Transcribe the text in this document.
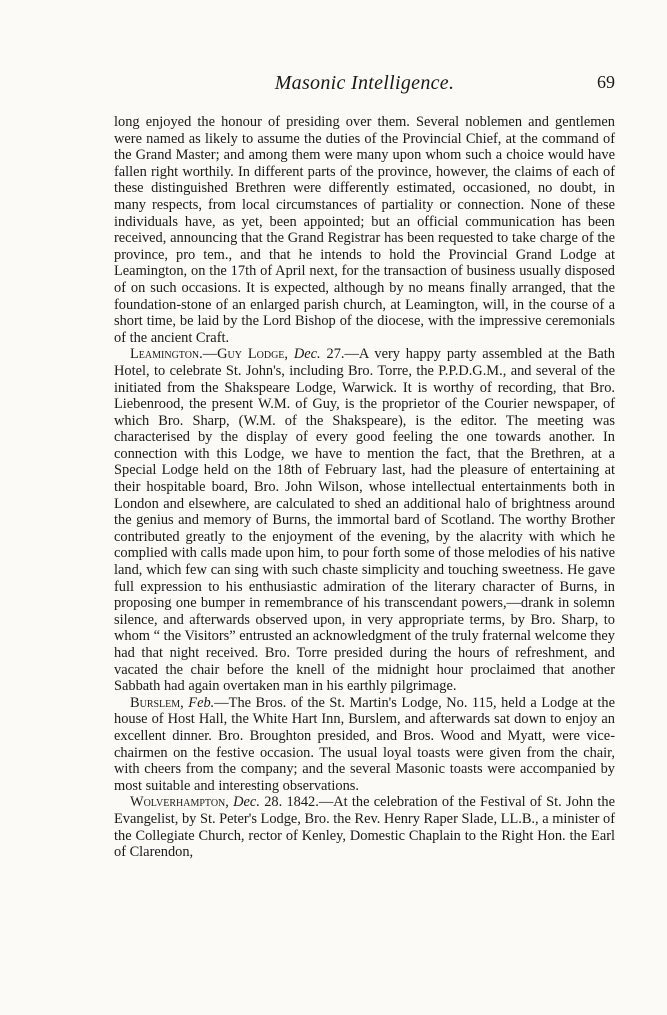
Masonic Intelligence.	69

long enjoyed the honour of presiding over them. Several noblemen and gentlemen were named as likely to assume the duties of the Provincial Chief, at the command of the Grand Master; and among them were many upon whom such a choice would have fallen right worthily. In different parts of the province, however, the claims of each of these distinguished Brethren were differently estimated, occasioned, no doubt, in many respects, from local circumstances of partiality or connection. None of these individuals have, as yet, been appointed; but an official communication has been received, announcing that the Grand Registrar has been requested to take charge of the province, pro tem., and that he intends to hold the Provincial Grand Lodge at Leamington, on the 17th of April next, for the transaction of business usually disposed of on such occasions. It is expected, although by no means finally arranged, that the foundation-stone of an enlarged parish church, at Leamington, will, in the course of a short time, be laid by the Lord Bishop of the diocese, with the impressive ceremonials of the ancient Craft.

Leamington.—Guy Lodge, Dec. 27.—A very happy party assembled at the Bath Hotel, to celebrate St. John's, including Bro. Torre, the P.P.D.G.M., and several of the initiated from the Shakspeare Lodge, Warwick. It is worthy of recording, that Bro. Liebenrood, the present W.M. of Guy, is the proprietor of the Courier newspaper, of which Bro. Sharp, (W.M. of the Shakspeare), is the editor. The meeting was characterised by the display of every good feeling the one towards another. In connection with this Lodge, we have to mention the fact, that the Brethren, at a Special Lodge held on the 18th of February last, had the pleasure of entertaining at their hospitable board, Bro. John Wilson, whose intellectual entertainments both in London and elsewhere, are calculated to shed an additional halo of brightness around the genius and memory of Burns, the immortal bard of Scotland. The worthy Brother contributed greatly to the enjoyment of the evening, by the alacrity with which he complied with calls made upon him, to pour forth some of those melodies of his native land, which few can sing with such chaste simplicity and touching sweetness. He gave full expression to his enthusiastic admiration of the literary character of Burns, in proposing one bumper in remembrance of his transcendant powers,—drank in solemn silence, and afterwards observed upon, in very appropriate terms, by Bro. Sharp, to whom “ the Visitors” entrusted an acknowledgment of the truly fraternal welcome they had that night received. Bro. Torre presided during the hours of refreshment, and vacated the chair before the knell of the midnight hour proclaimed that another Sabbath had again overtaken man in his earthly pilgrimage.

Burslem, Feb.—The Bros. of the St. Martin's Lodge, No. 115, held a Lodge at the house of Host Hall, the White Hart Inn, Burslem, and afterwards sat down to enjoy an excellent dinner. Bro. Broughton presided, and Bros. Wood and Myatt, were vice-chairmen on the festive occasion. The usual loyal toasts were given from the chair, with cheers from the company; and the several Masonic toasts were accompanied by most suitable and interesting observations.

Wolverhampton, Dec. 28. 1842.—At the celebration of the Festival of St. John the Evangelist, by St. Peter's Lodge, Bro. the Rev. Henry Raper Slade, LL.B., a minister of the Collegiate Church, rector of Kenley, Domestic Chaplain to the Right Hon. the Earl of Clarendon,
